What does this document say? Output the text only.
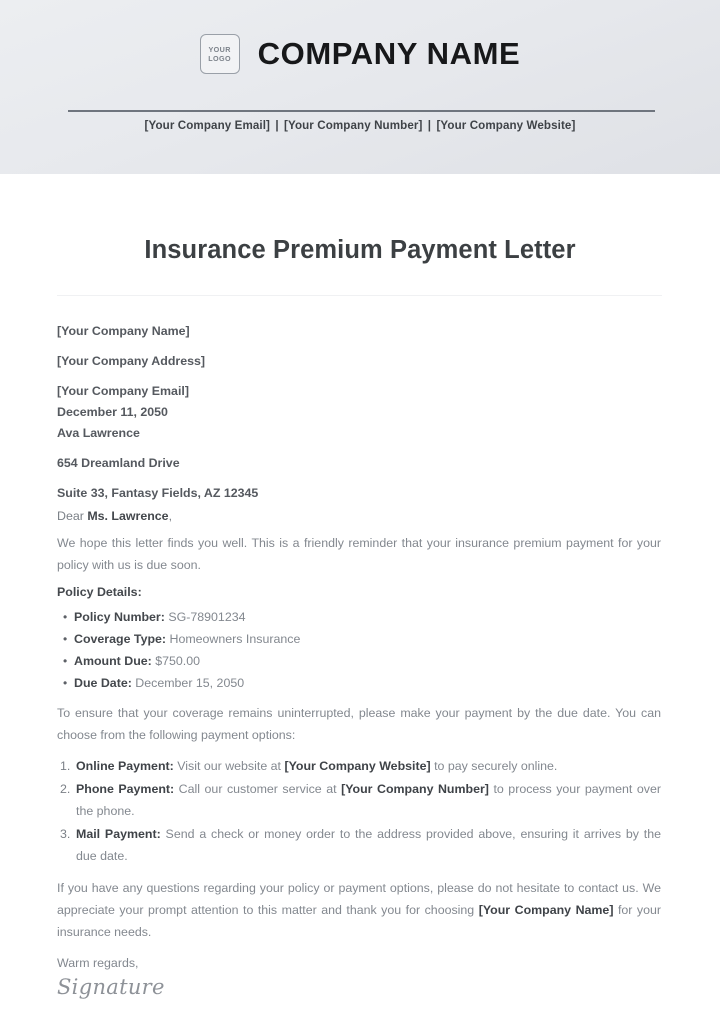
YOUR
LOGO COMPANY NAME
[Your Company Email] | [Your Company Number] | [Your Company Website]
Insurance Premium Payment Letter
[Your Company Name]
[Your Company Address]
[Your Company Email]
December 11, 2050
Ava Lawrence
654 Dreamland Drive
Suite 33, Fantasy Fields, AZ 12345
Dear Ms. Lawrence,

We hope this letter finds you well. This is a friendly reminder that your insurance premium payment for your policy with us is due soon.

Policy Details:
• Policy Number: SG-78901234
• Coverage Type: Homeowners Insurance
• Amount Due: $750.00
• Due Date: December 15, 2050

To ensure that your coverage remains uninterrupted, please make your payment by the due date. You can choose from the following payment options:

Online Payment: Visit our website at [Your Company Website] to pay securely online.
Phone Payment: Call our customer service at [Your Company Number] to process your payment over the phone.
Mail Payment: Send a check or money order to the address provided above, ensuring it arrives by the due date.

If you have any questions regarding your policy or payment options, please do not hesitate to contact us. We appreciate your prompt attention to this matter and thank you for choosing [Your Company Name] for your insurance needs.

Warm regards,
Signature
